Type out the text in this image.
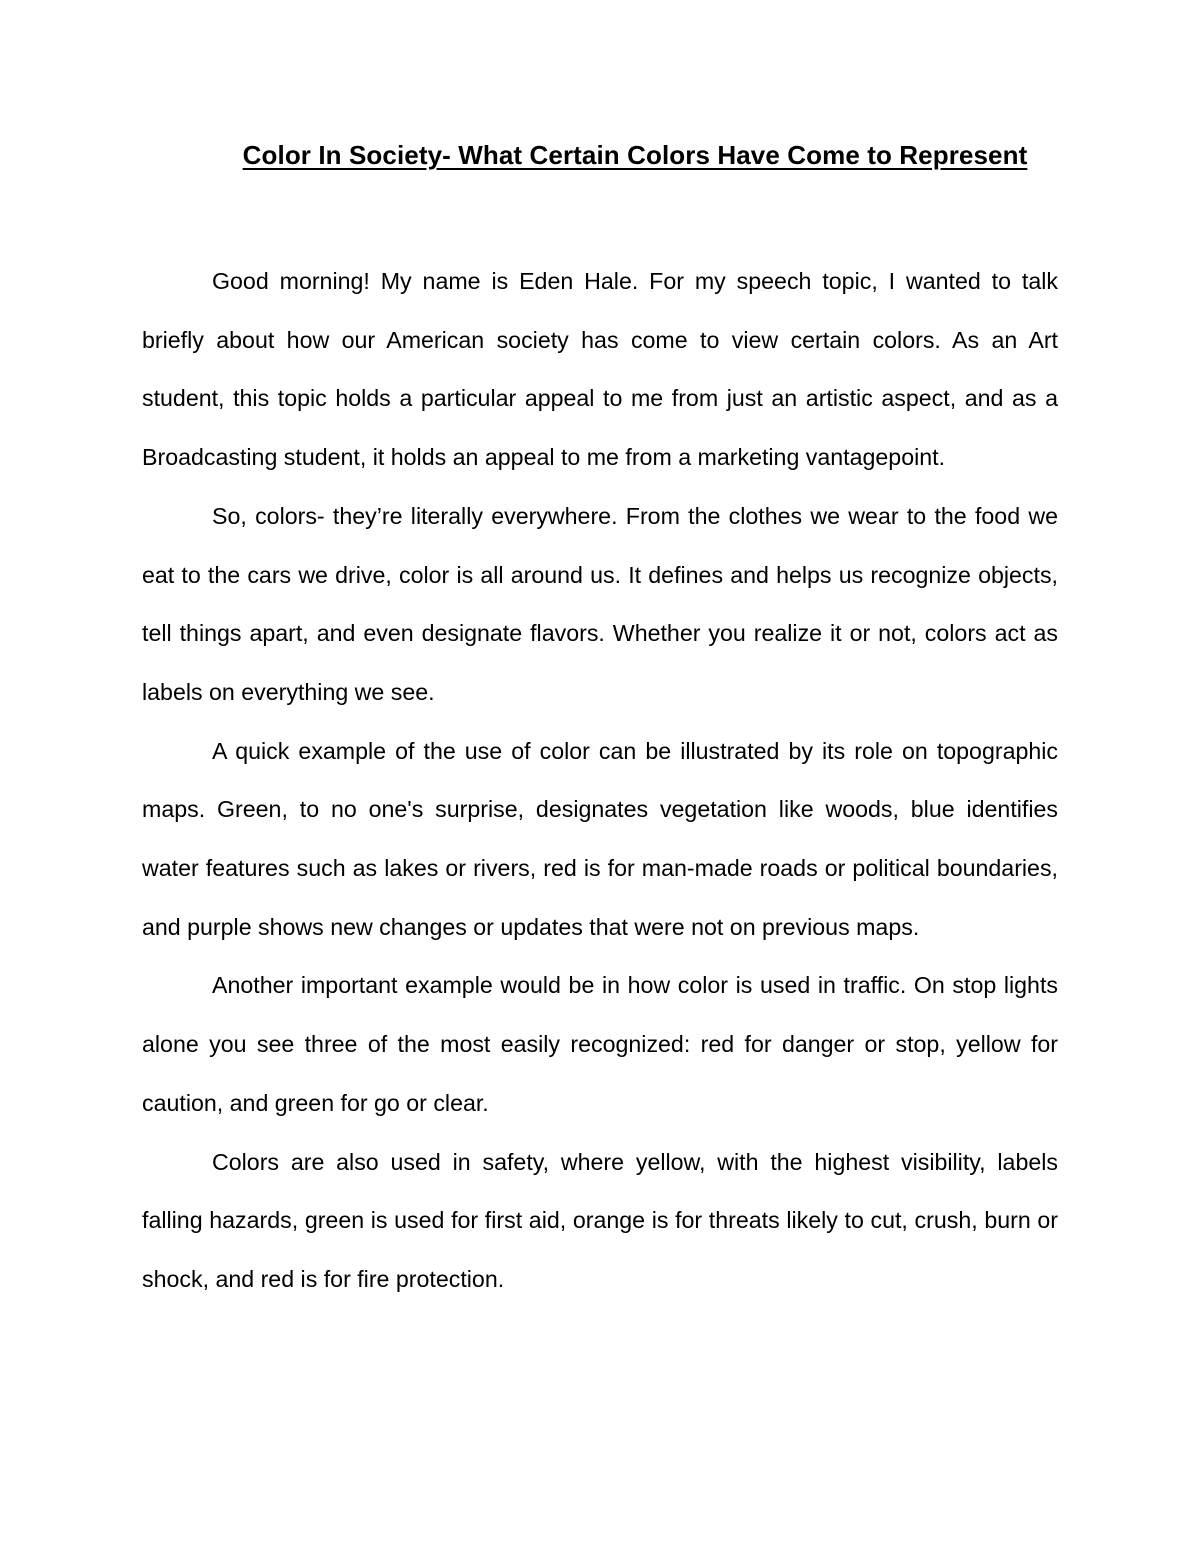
Color In Society- What Certain Colors Have Come to Represent

Good morning! My name is Eden Hale. For my speech topic, I wanted to talk briefly about how our American society has come to view certain colors. As an Art student, this topic holds a particular appeal to me from just an artistic aspect, and as a Broadcasting student, it holds an appeal to me from a marketing vantagepoint.

So, colors- they’re literally everywhere. From the clothes we wear to the food we eat to the cars we drive, color is all around us. It defines and helps us recognize objects, tell things apart, and even designate flavors. Whether you realize it or not, colors act as labels on everything we see.

A quick example of the use of color can be illustrated by its role on topographic maps. Green, to no one's surprise, designates vegetation like woods, blue identifies water features such as lakes or rivers, red is for man-made roads or political boundaries, and purple shows new changes or updates that were not on previous maps.

Another important example would be in how color is used in traffic. On stop lights alone you see three of the most easily recognized: red for danger or stop, yellow for caution, and green for go or clear.

Colors are also used in safety, where yellow, with the highest visibility, labels falling hazards, green is used for first aid, orange is for threats likely to cut, crush, burn or shock, and red is for fire protection.
